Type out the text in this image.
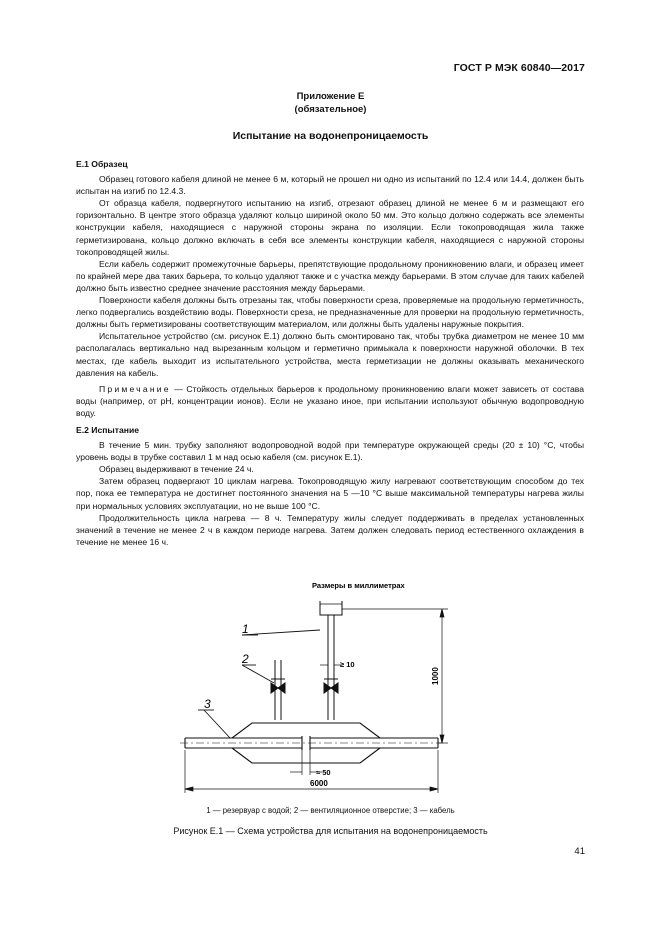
ГОСТ Р МЭК 60840—2017
Приложение Е
(обязательное)
Испытание на водонепроницаемость
Е.1 Образец

Образец готового кабеля длиной не менее 6 м, который не прошел ни одно из испытаний по 12.4 или 14.4, должен быть испытан на изгиб по 12.4.3.

От образца кабеля, подвергнутого испытанию на изгиб, отрезают образец длиной не менее 6 м и размещают его горизонтально. В центре этого образца удаляют кольцо шириной около 50 мм. Это кольцо должно содержать все элементы конструкции кабеля, находящиеся с наружной стороны экрана по изоляции. Если токопроводящая жила также герметизирована, кольцо должно включать в себя все элементы конструкции кабеля, находящиеся с наружной стороны токопроводящей жилы.

Если кабель содержит промежуточные барьеры, препятствующие продольному проникновению влаги, и образец имеет по крайней мере два таких барьера, то кольцо удаляют также и с участка между барьерами. В этом случае для таких кабелей должно быть известно среднее значение расстояния между барьерами.

Поверхности кабеля должны быть отрезаны так, чтобы поверхности среза, проверяемые на продольную герметичность, легко подвергались воздействию воды. Поверхности среза, не предназначенные для проверки на продольную герметичность, должны быть герметизированы соответствующим материалом, или должны быть удалены наружные покрытия.

Испытательное устройство (см. рисунок Е.1) должно быть смонтировано так, чтобы трубка диаметром не менее 10 мм располагалась вертикально над вырезанным кольцом и герметично примыкала к поверхности наружной оболочки. В тех местах, где кабель выходит из испытательного устройства, места герметизации не должны оказывать механического давления на кабель.

Примечание — Стойкость отдельных барьеров к продольному проникновению влаги может зависеть от состава воды (например, от pH, концентрации ионов). Если не указано иное, при испытании используют обычную водопроводную воду.

Е.2 Испытание

В течение 5 мин. трубку заполняют водопроводной водой при температуре окружающей среды (20 ± 10) °С, чтобы уровень воды в трубке составил 1 м над осью кабеля (см. рисунок Е.1).

Образец выдерживают в течение 24 ч.

Затем образец подвергают 10 циклам нагрева. Токопроводящую жилу нагревают соответствующим способом до тех пор, пока ее температура не достигнет постоянного значения на 5 —10 °С выше максимальной температуры нагрева жилы при нормальных условиях эксплуатации, но не выше 100 °С.

Продолжительность цикла нагрева — 8 ч. Температуру жилы следует поддерживать в пределах установленных значений в течение не менее 2 ч в каждом периоде нагрева. Затем должен следовать период естественного охлаждения в течение не менее 16 ч.

Размеры в миллиметрах
1
2	≥ 10
3
1000
≈ 50
6000
1 — резервуар с водой; 2 — вентиляционное отверстие; 3 — кабель
Рисунок Е.1 — Схема устройства для испытания на водонепроницаемость
41
